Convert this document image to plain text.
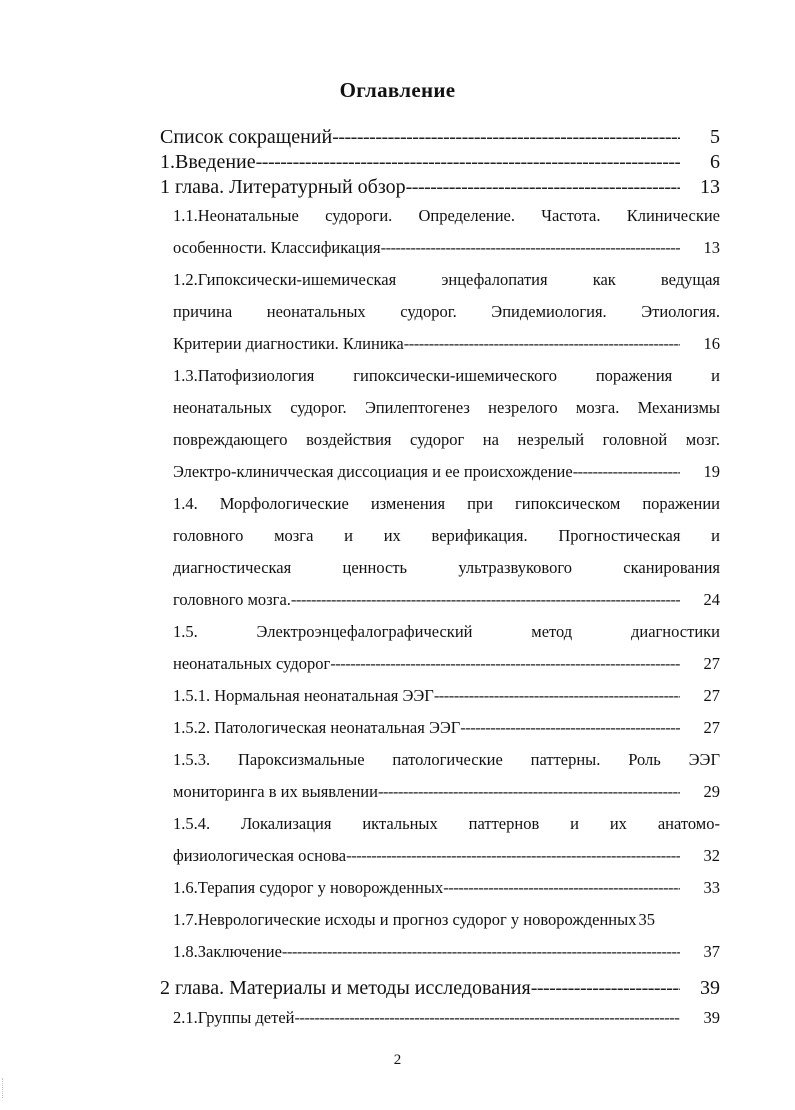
Оглавление
Список сокращений -----	5
1.Введение -----	6
1 глава. Литературный обзор -----	13
1.1.Неонатальные судороги. Определение. Частота. Клинические
особенности. Классификация -----	13
1.2.Гипоксически-ишемическая энцефалопатия как ведущая
причина неонатальных судорог. Эпидемиология. Этиология.
Критерии диагностики. Клиника -----	16
1.3.Патофизиология гипоксически-ишемического поражения и
неонатальных судорог. Эпилептогенез незрелого мозга. Механизмы
повреждающего воздействия судорог на незрелый головной мозг.
Электро-клиничческая диссоциация и ее происхождение -----	19
1.4. Морфологические изменения при гипоксическом поражении
головного мозга и их верификация. Прогностическая и
диагностическая ценность ультразвукового сканирования
головного мозга. -----	24
1.5. Электроэнцефалографический метод диагностики
неонатальных судорог -----	27
1.5.1. Нормальная неонатальная ЭЭГ -----	27
1.5.2. Патологическая неонатальная ЭЭГ -----	27
1.5.3. Пароксизмальные патологические паттерны. Роль ЭЭГ
мониторинга в их выявлении -----	29
1.5.4. Локализация иктальных паттернов и их анатомо-
физиологическая основа -----	32
1.6.Терапия судорог у новорожденных -----	33
1.7.Неврологические исходы и прогноз судорог у новорожденных 35
1.8.Заключение -----	37
2 глава. Материалы и методы исследования -----	39
2.1.Группы детей -----	39
2
